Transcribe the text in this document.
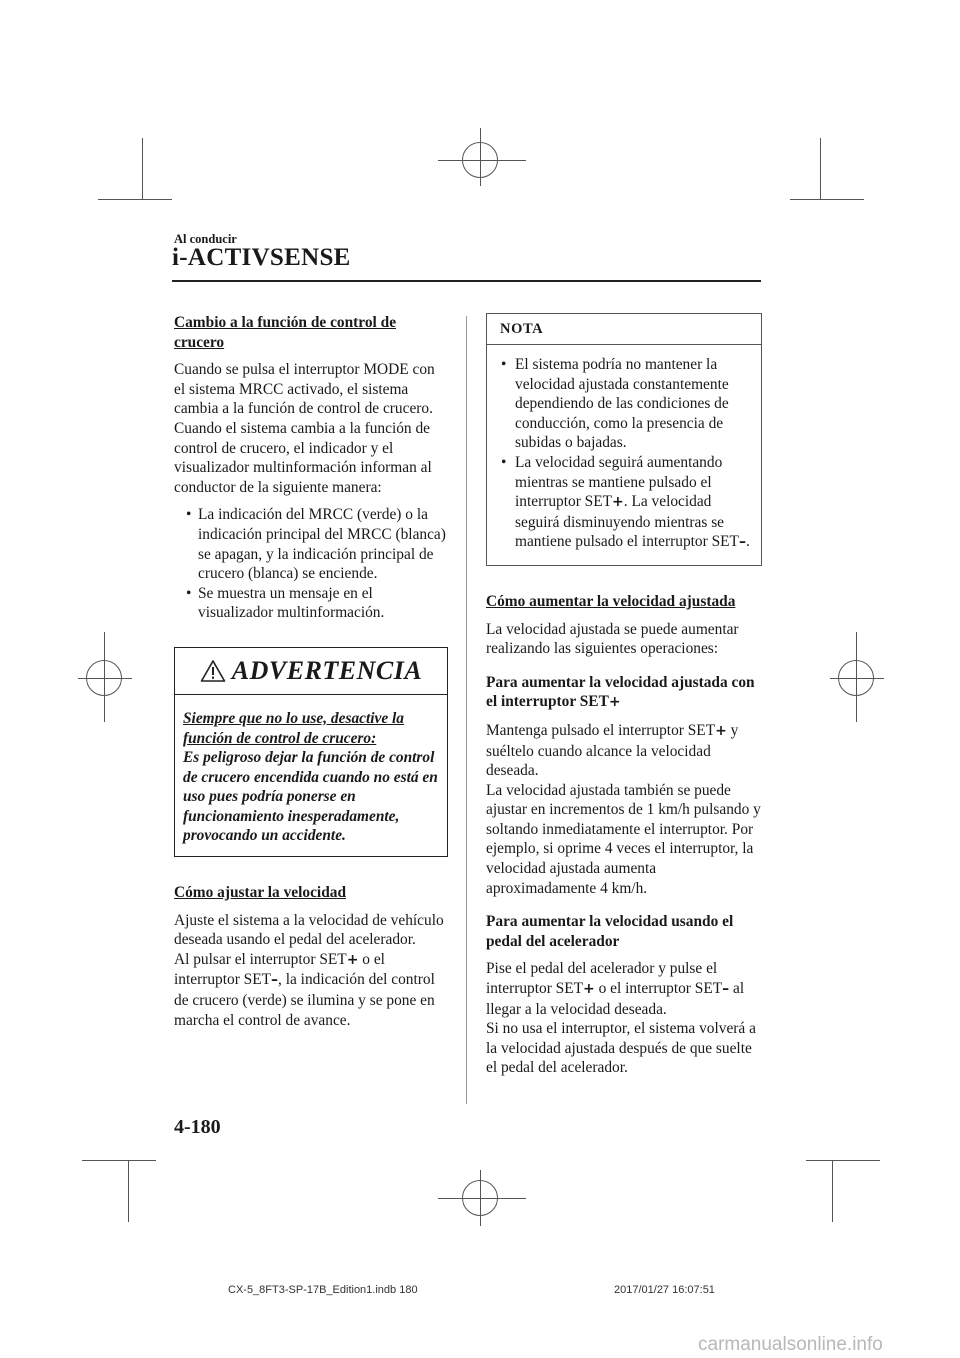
Al conducir
i-ACTIVSENSE

Cambio a la función de control de crucero

Cuando se pulsa el interruptor MODE con el sistema MRCC activado, el sistema cambia a la función de control de crucero. Cuando el sistema cambia a la función de control de crucero, el indicador y el visualizador multinformación informan al conductor de la siguiente manera:

• La indicación del MRCC (verde) o la indicación principal del MRCC (blanca) se apagan, y la indicación principal de crucero (blanca) se enciende.
• Se muestra un mensaje en el visualizador multinformación.
ADVERTENCIA
Siempre que no lo use, desactive la función de control de crucero:
Es peligroso dejar la función de control de crucero encendida cuando no está en uso pues podría ponerse en funcionamiento inesperadamente, provocando un accidente.

Cómo ajustar la velocidad

Ajuste el sistema a la velocidad de vehículo deseada usando el pedal del acelerador.
Al pulsar el interruptor SET+ o el interruptor SET–, la indicación del control de crucero (verde) se ilumina y se pone en marcha el control de avance.

NOTA
• El sistema podría no mantener la velocidad ajustada constantemente dependiendo de las condiciones de conducción, como la presencia de subidas o bajadas.
• La velocidad seguirá aumentando mientras se mantiene pulsado el interruptor SET+. La velocidad seguirá disminuyendo mientras se mantiene pulsado el interruptor SET–.

Cómo aumentar la velocidad ajustada

La velocidad ajustada se puede aumentar realizando las siguientes operaciones:

Para aumentar la velocidad ajustada con el interruptor SET+

Mantenga pulsado el interruptor SET+ y suéltelo cuando alcance la velocidad deseada.
La velocidad ajustada también se puede ajustar en incrementos de 1 km/h pulsando y soltando inmediatamente el interruptor. Por ejemplo, si oprime 4 veces el interruptor, la velocidad ajustada aumenta aproximadamente 4 km/h.

Para aumentar la velocidad usando el pedal del acelerador

Pise el pedal del acelerador y pulse el interruptor SET+ o el interruptor SET– al llegar a la velocidad deseada.
Si no usa el interruptor, el sistema volverá a la velocidad ajustada después de que suelte el pedal del acelerador.

4-180
CX-5_8FT3-SP-17B_Edition1.indb 180	2017/01/27 16:07:51
carmanualsonline.info
